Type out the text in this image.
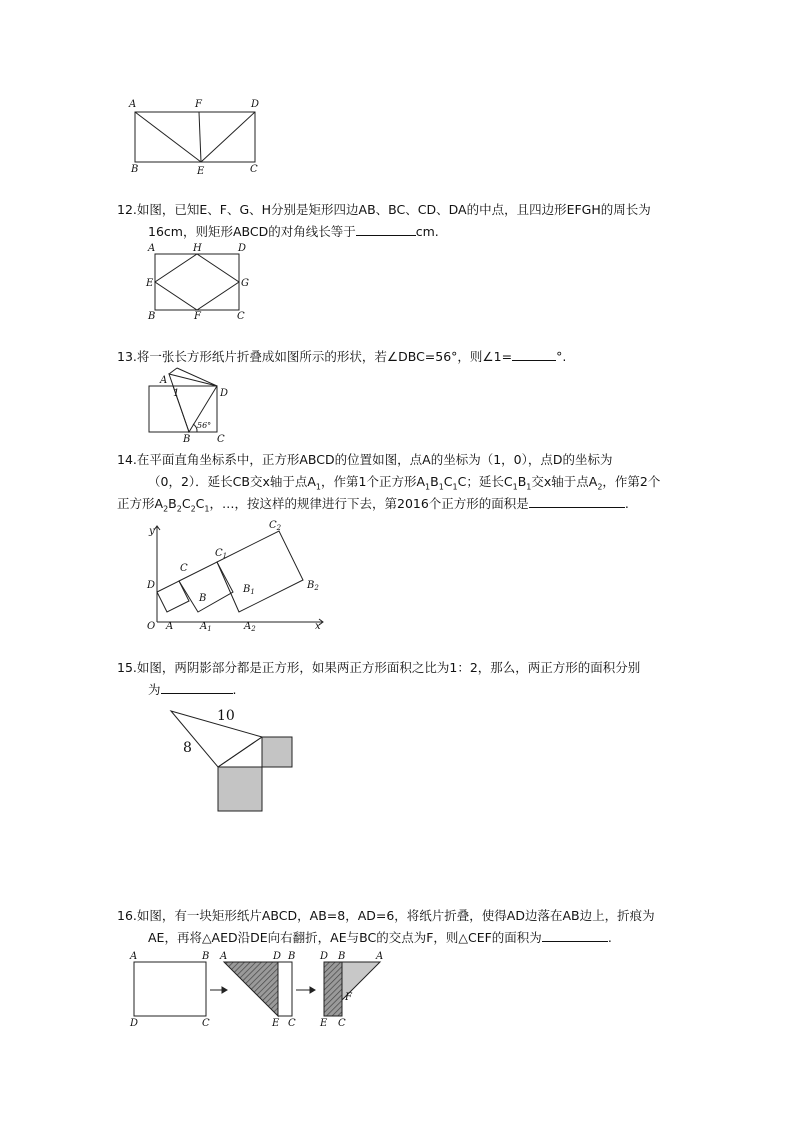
A	F	D
B	E	C
12.如图，已知E、F、G、H分别是矩形四边AB、BC、CD、DA的中点，且四边形EFGH的周长为
16cm，则矩形ABCD的对角线长等于	cm.
A	H	D
E	G
B	F	C
13.将一张长方形纸片折叠成如图所示的形状，若∠DBC=56°，则∠1=	°.
A
1	D
B	C
56°
14.在平面直角坐标系中，正方形ABCD的位置如图，点A的坐标为（1，0），点D的坐标为
（0，2）．延长CB交x轴于点$A_1$，作第1个正方形$A_1B_1C_1C$；延长$C_1B_1$交x轴于点$A_2$，作第2个
正方形$A_2B_2C_2C_1$，…，按这样的规律进行下去，第2016个正方形的面积是	.
y
x
O A	$A_1$	$A_2$
D
C
B
$C_1$
$B_1$
$C_2$
$B_2$
15.如图，两阴影部分都是正方形，如果两正方形面积之比为1：2，那么，两正方形的面积分别
为	.
10
8
16.如图，有一块矩形纸片ABCD，AB=8，AD=6，将纸片折叠，使得AD边落在AB边上，折痕为
AE，再将△AED沿DE向右翻折，AE与BC的交点为F，则△CEF的面积为	.
A	B
D	C
A	D B
E C
D B	A
F
E C
